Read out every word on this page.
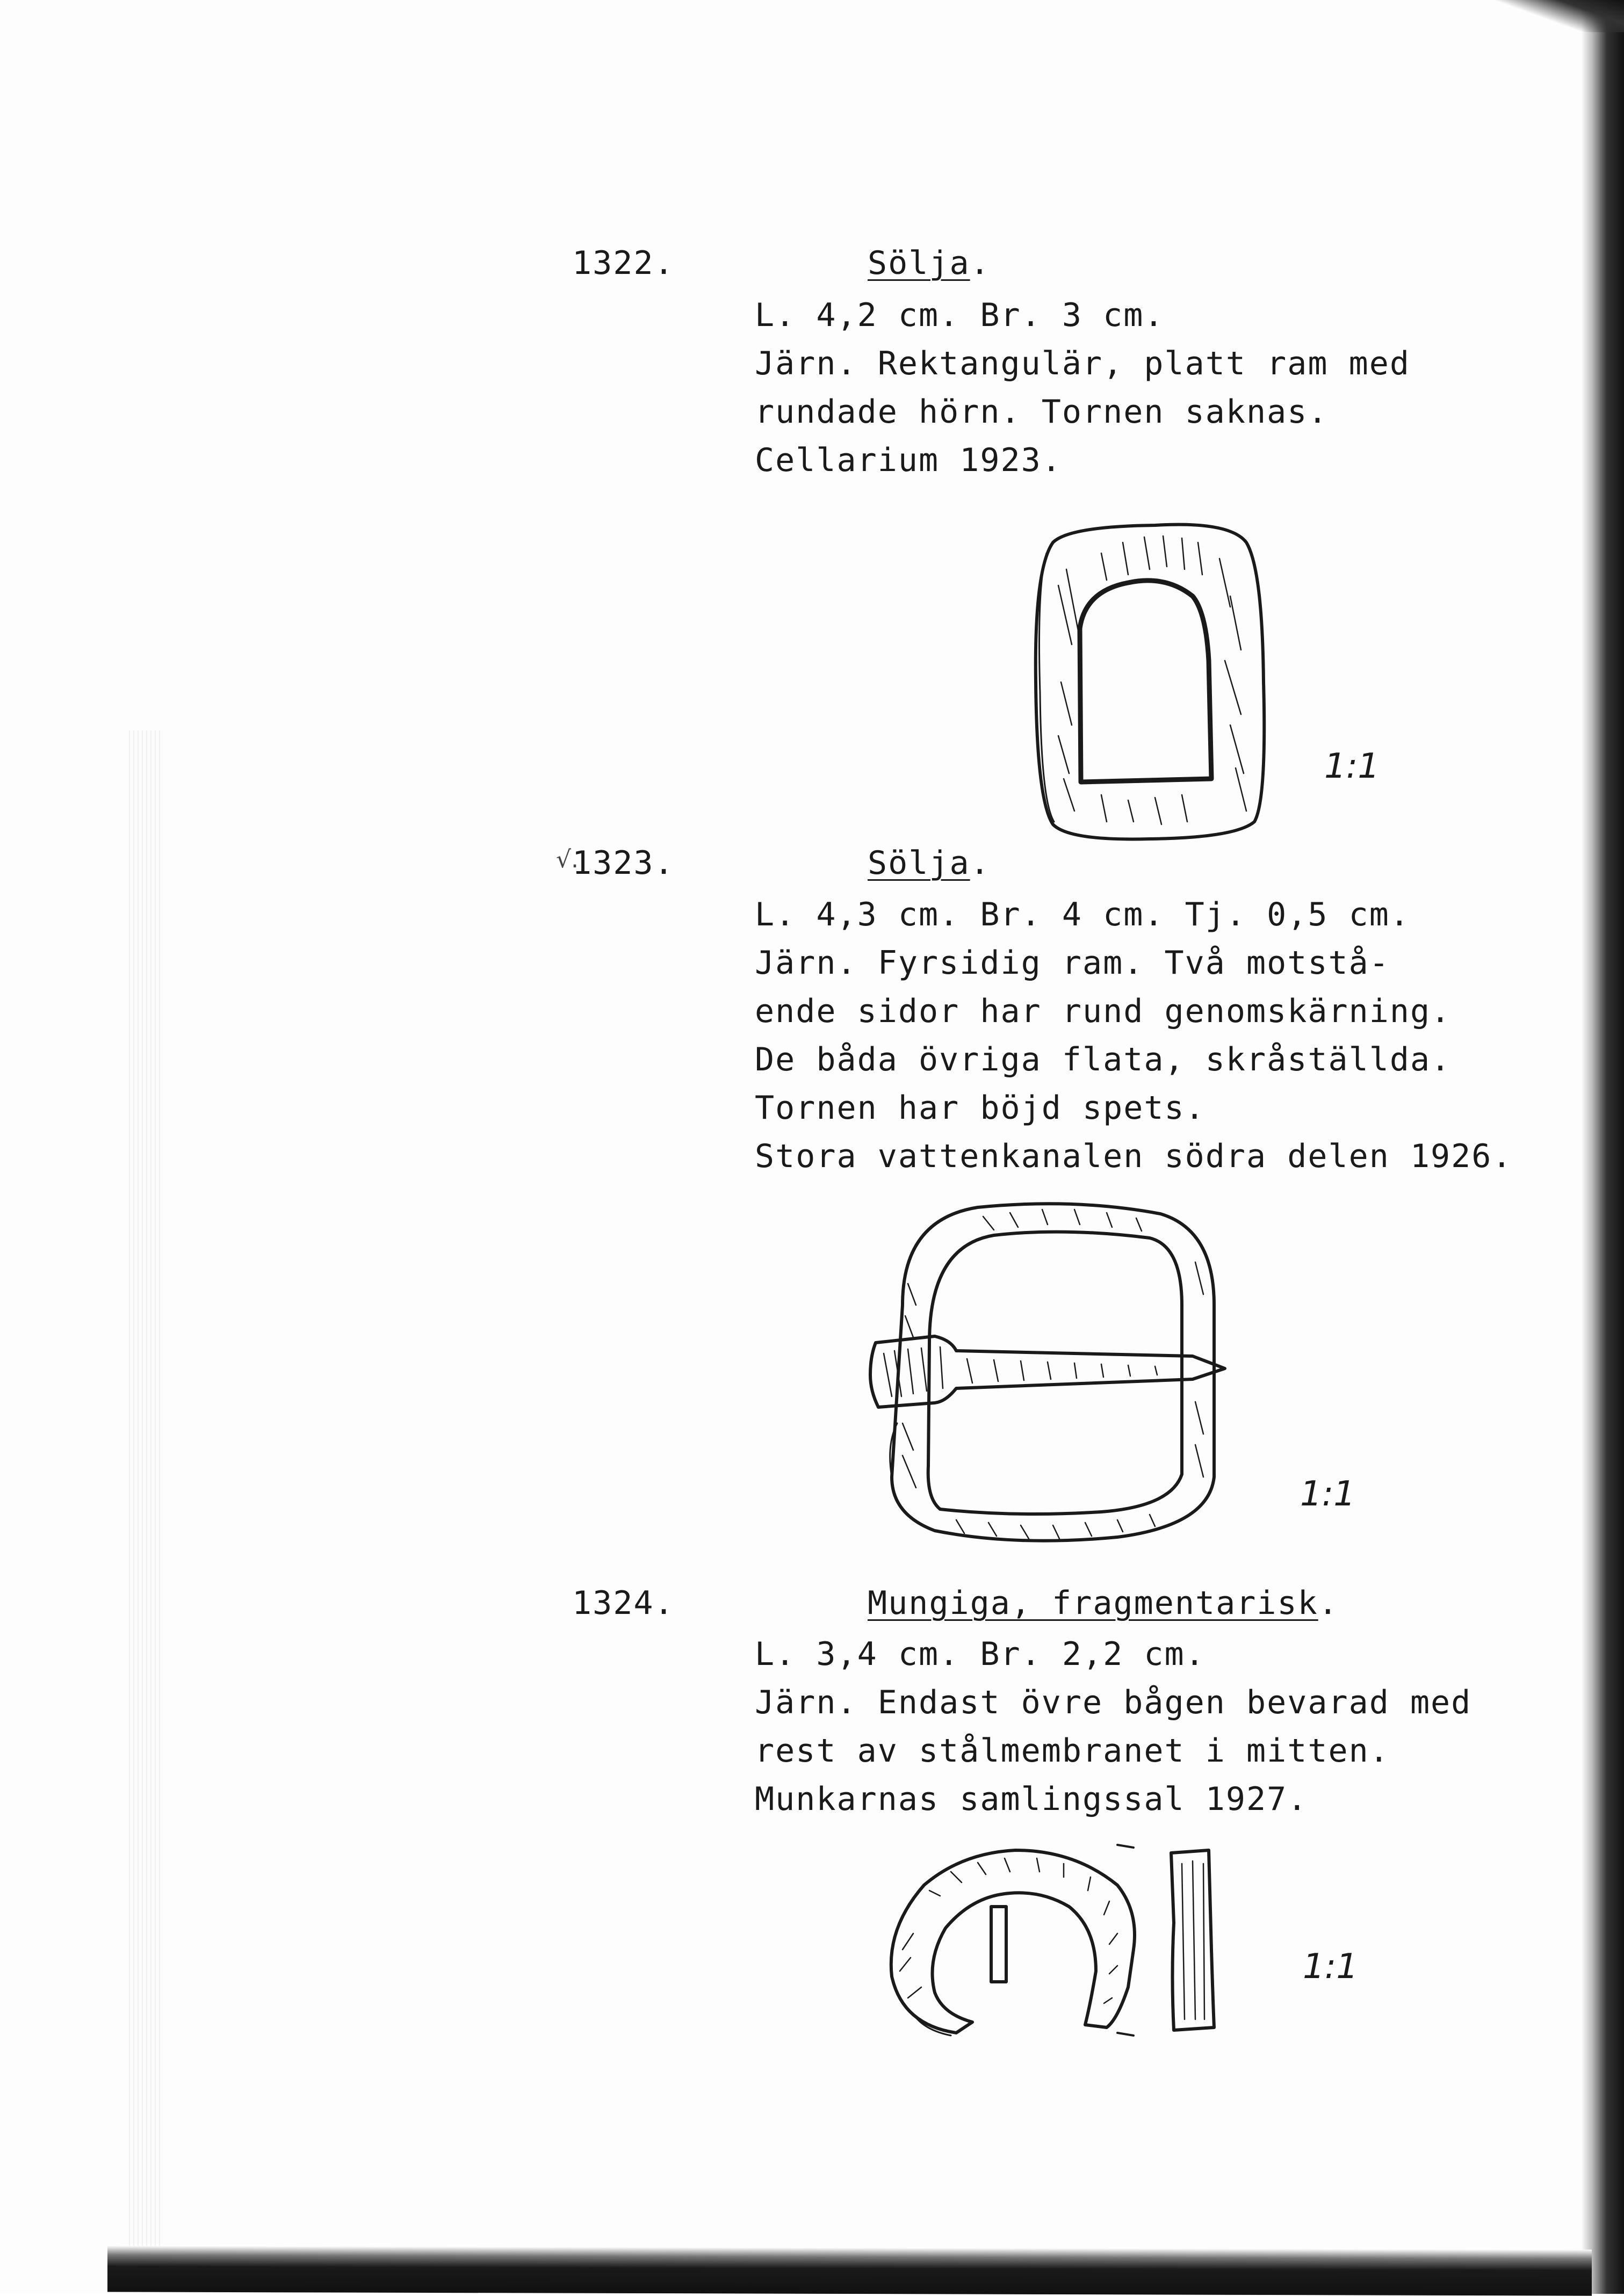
1322.	Sölja.
L. 4,2 cm. Br. 3 cm.
Järn. Rektangulär, platt ram med
rundade hörn. Tornen saknas.
Cellarium 1923.
1:1
√.
1323.	Sölja.
L. 4,3 cm. Br. 4 cm. Tj. 0,5 cm.
Järn. Fyrsidig ram. Två motstå-
ende sidor har rund genomskärning.
De båda övriga flata, skråställda.
Tornen har böjd spets.
Stora vattenkanalen södra delen 1926.
1:1
1324.	Mungiga, fragmentarisk.
L. 3,4 cm. Br. 2,2 cm.
Järn. Endast övre bågen bevarad med
rest av stålmembranet i mitten.
Munkarnas samlingssal 1927.
1:1
